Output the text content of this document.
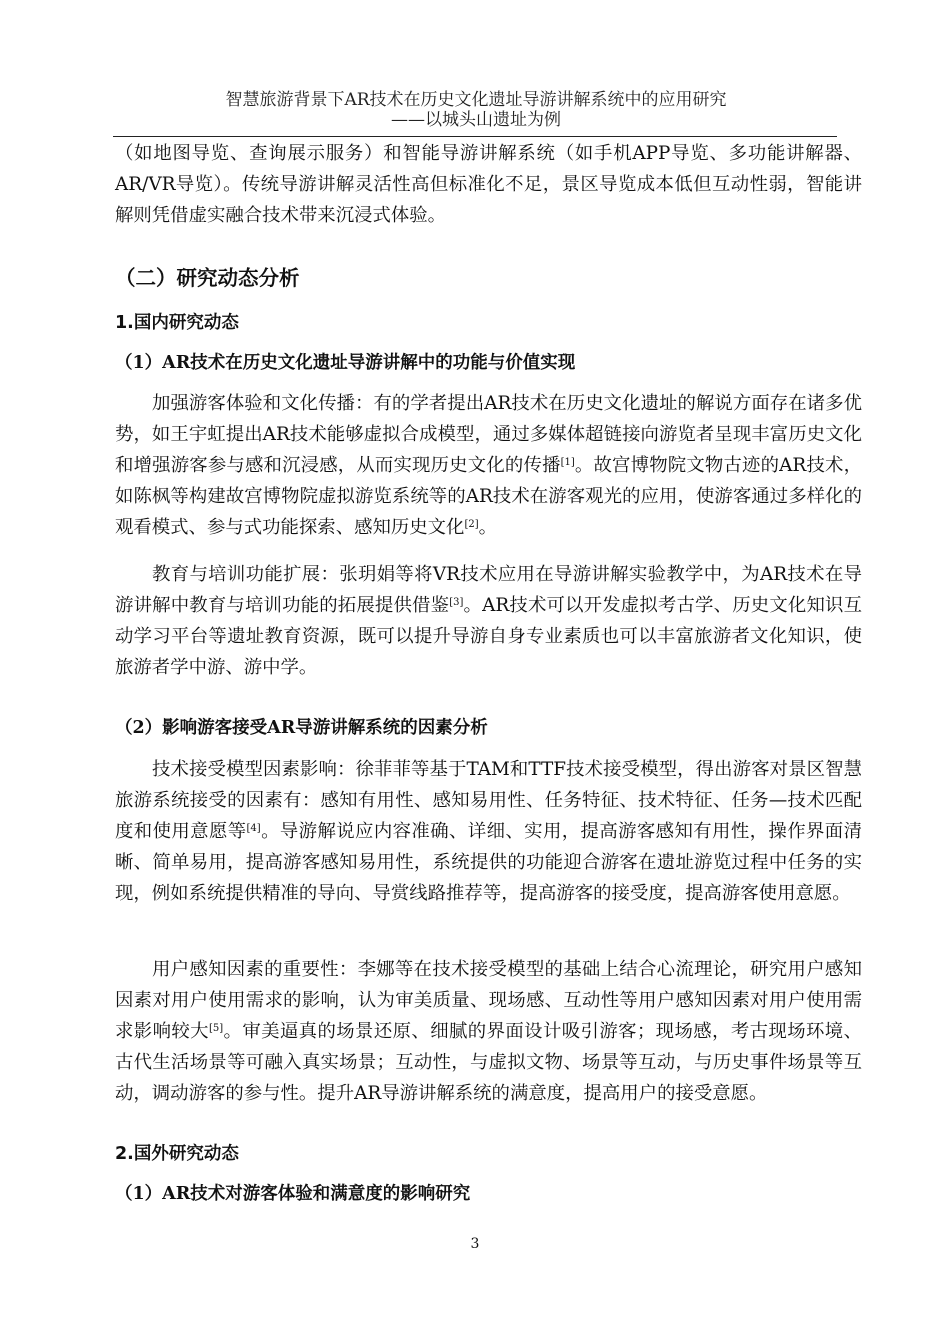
智慧旅游背景下AR技术在历史文化遗址导游讲解系统中的应用研究
——以城头山遗址为例

（如地图导览、查询展示服务）和智能导游讲解系统（如手机APP导览、多功能讲解器、AR/VR导览）。传统导游讲解灵活性高但标准化不足，景区导览成本低但互动性弱，智能讲解则凭借虚实融合技术带来沉浸式体验。

（二）研究动态分析
1.国内研究动态
（1）AR技术在历史文化遗址导游讲解中的功能与价值实现

加强游客体验和文化传播：有的学者提出AR技术在历史文化遗址的解说方面存在诸多优势，如王宇虹提出AR技术能够虚拟合成模型，通过多媒体超链接向游览者呈现丰富历史文化和增强游客参与感和沉浸感，从而实现历史文化的传播[1]。故宫博物院文物古迹的AR技术，如陈枫等构建故宫博物院虚拟游览系统等的AR技术在游客观光的应用，使游客通过多样化的观看模式、参与式功能探索、感知历史文化[2]。

教育与培训功能扩展：张玥娟等将VR技术应用在导游讲解实验教学中，为AR技术在导游讲解中教育与培训功能的拓展提供借鉴[3]。AR技术可以开发虚拟考古学、历史文化知识互动学习平台等遗址教育资源，既可以提升导游自身专业素质也可以丰富旅游者文化知识，使旅游者学中游、游中学。

（2）影响游客接受AR导游讲解系统的因素分析

技术接受模型因素影响：徐菲菲等基于TAM和TTF技术接受模型，得出游客对景区智慧旅游系统接受的因素有：感知有用性、感知易用性、任务特征、技术特征、任务—技术匹配度和使用意愿等[4]。导游解说应内容准确、详细、实用，提高游客感知有用性，操作界面清晰、简单易用，提高游客感知易用性，系统提供的功能迎合游客在遗址游览过程中任务的实现，例如系统提供精准的导向、导赏线路推荐等，提高游客的接受度，提高游客使用意愿。

用户感知因素的重要性：李娜等在技术接受模型的基础上结合心流理论，研究用户感知因素对用户使用需求的影响，认为审美质量、现场感、互动性等用户感知因素对用户使用需求影响较大[5]。审美逼真的场景还原、细腻的界面设计吸引游客；现场感，考古现场环境、古代生活场景等可融入真实场景；互动性，与虚拟文物、场景等互动，与历史事件场景等互动，调动游客的参与性。提升AR导游讲解系统的满意度，提高用户的接受意愿。

2.国外研究动态
（1）AR技术对游客体验和满意度的影响研究
3
